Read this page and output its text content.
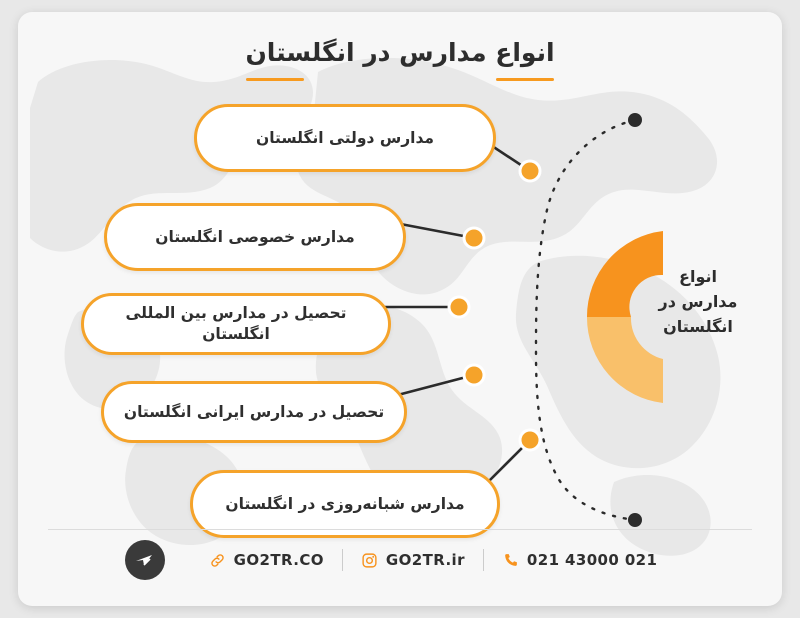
انواع مدارس در انگلستان
مدارس دولتی انگلستان
مدارس خصوصی انگلستان
تحصیل در مدارس بین المللی انگلستان
تحصیل در مدارس ایرانی انگلستان
مدارس شبانه‌روزی در انگلستان
انواع
مدارس در
انگلستان
GO2TR.CO	GO2TR.ir	021 43000 021
